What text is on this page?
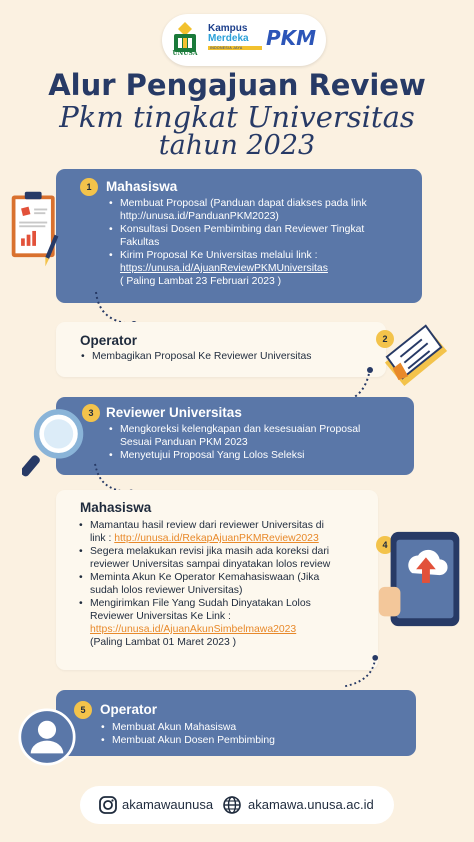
UNUSA
Kampus
Merdeka
INDONESIA JAYA	PKM
Alur Pengajuan Review
Pkm tingkat Universitas
tahun 2023
1	Mahasiswa
• Membuat Proposal (Panduan dapat diakses pada link
http://unusa.id/PanduanPKM2023)
• Konsultasi Dosen Pembimbing dan Reviewer Tingkat
Fakultas
• Kirim Proposal Ke Universitas melalui link :
https://unusa.id/AjuanReviewPKMUniversitas
( Paling Lambat 23 Februari 2023 )
Operator
• Membagikan Proposal Ke Reviewer Universitas
2
3 Reviewer Universitas
• Mengkoreksi kelengkapan dan kesesuaian Proposal
Sesuai Panduan PKM 2023
• Menyetujui Proposal Yang Lolos Seleksi
Mahasiswa
• Mamantau hasil review dari reviewer Universitas di
link : http://unusa.id/RekapAjuanPKMReview2023
• Segera melakukan revisi jika masih ada koreksi dari
reviewer Universitas sampai dinyatakan lolos review
• Meminta Akun Ke Operator Kemahasiswaan (Jika
sudah lolos reviewer Universitas)
• Mengirimkan File Yang Sudah Dinyatakan Lolos
Reviewer Universitas Ke Link :
https://unusa.id/AjuanAkunSimbelmawa2023
(Paling Lambat 01 Maret 2023 )
4
5	Operator
• Membuat Akun Mahasiswa
• Membuat Akun Dosen Pembimbing
akamawaunusa	akamawa.unusa.ac.id
